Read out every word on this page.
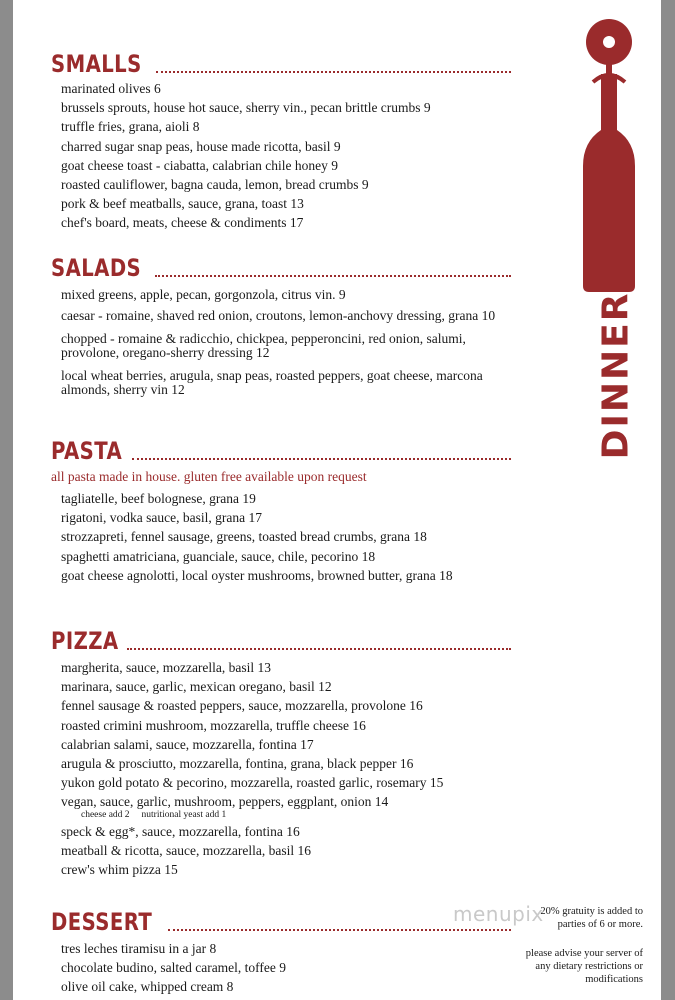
SMALLS
marinated olives 6
brussels sprouts, house hot sauce, sherry vin., pecan brittle crumbs 9
truffle fries, grana, aioli 8
charred sugar snap peas, house made ricotta, basil 9
goat cheese toast - ciabatta, calabrian chile honey 9
roasted cauliflower, bagna cauda, lemon, bread crumbs 9
pork & beef meatballs, sauce, grana, toast 13
chef's board, meats, cheese & condiments 17
SALADS
mixed greens, apple, pecan, gorgonzola, citrus vin. 9
caesar - romaine, shaved red onion, croutons, lemon-anchovy dressing, grana 10
chopped - romaine & radicchio, chickpea, pepperoncini, red onion, salumi, provolone, oregano-sherry dressing 12
local wheat berries, arugula, snap peas, roasted peppers, goat cheese, marcona almonds, sherry vin 12
PASTA
all pasta made in house. gluten free available upon request
tagliatelle, beef bolognese, grana 19
rigatoni, vodka sauce, basil, grana 17
strozzapreti, fennel sausage, greens, toasted bread crumbs, grana 18
spaghetti amatriciana, guanciale, sauce, chile, pecorino 18
goat cheese agnolotti, local oyster mushrooms, browned butter, grana 18
PIZZA
margherita, sauce, mozzarella, basil 13
marinara, sauce, garlic, mexican oregano, basil 12
fennel sausage & roasted peppers, sauce, mozzarella, provolone 16
roasted crimini mushroom, mozzarella, truffle cheese 16
calabrian salami, sauce, mozzarella, fontina 17
arugula & prosciutto, mozzarella, fontina, grana, black pepper 16
yukon gold potato & pecorino, mozzarella, roasted garlic, rosemary 15
vegan, sauce, garlic, mushroom, peppers, eggplant, onion 14
cheese add 2 nutritional yeast add 1
speck & egg*, sauce, mozzarella, fontina 16
meatball & ricotta, sauce, mozzarella, basil 16
crew's whim pizza 15
DESSERT
tres leches tiramisu in a jar 8
chocolate budino, salted caramel, toffee 9
olive oil cake, whipped cream 8
DINNER
menupix
20% gratuity is added to parties of 6 or more.
please advise your server of any dietary restrictions or modifications
